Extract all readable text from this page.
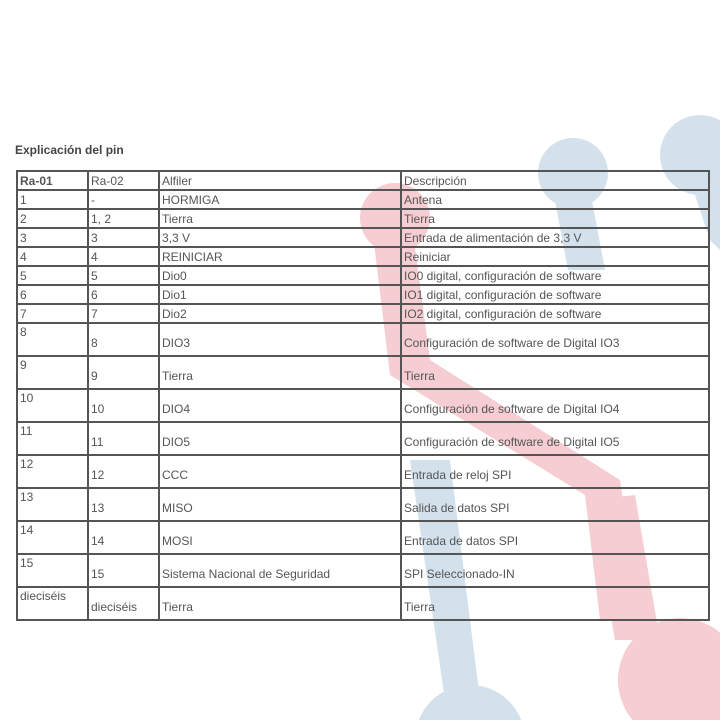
Explicación del pin
Ra-01	Ra-02	Alfiler	Descripción
1	-	HORMIGA	Antena
2	1, 2	Tierra	Tierra
3	3	3,3 V	Entrada de alimentación de 3,3 V
4	4	REINICIAR	Reiniciar
5	5	Dio0	IO0 digital, configuración de software
6	6	Dio1	IO1 digital, configuración de software
7	7	Dio2	IO2 digital, configuración de software
8	8	DIO3	Configuración de software de Digital IO3
9	9	Tierra	Tierra
10	10	DIO4	Configuración de software de Digital IO4
11	11	DIO5	Configuración de software de Digital IO5
12	12	CCC	Entrada de reloj SPI
13	13	MISO	Salida de datos SPI
14	14	MOSI	Entrada de datos SPI
15	15	Sistema Nacional de Seguridad	SPI Seleccionado-IN
dieciséis	dieciséis	Tierra	Tierra
